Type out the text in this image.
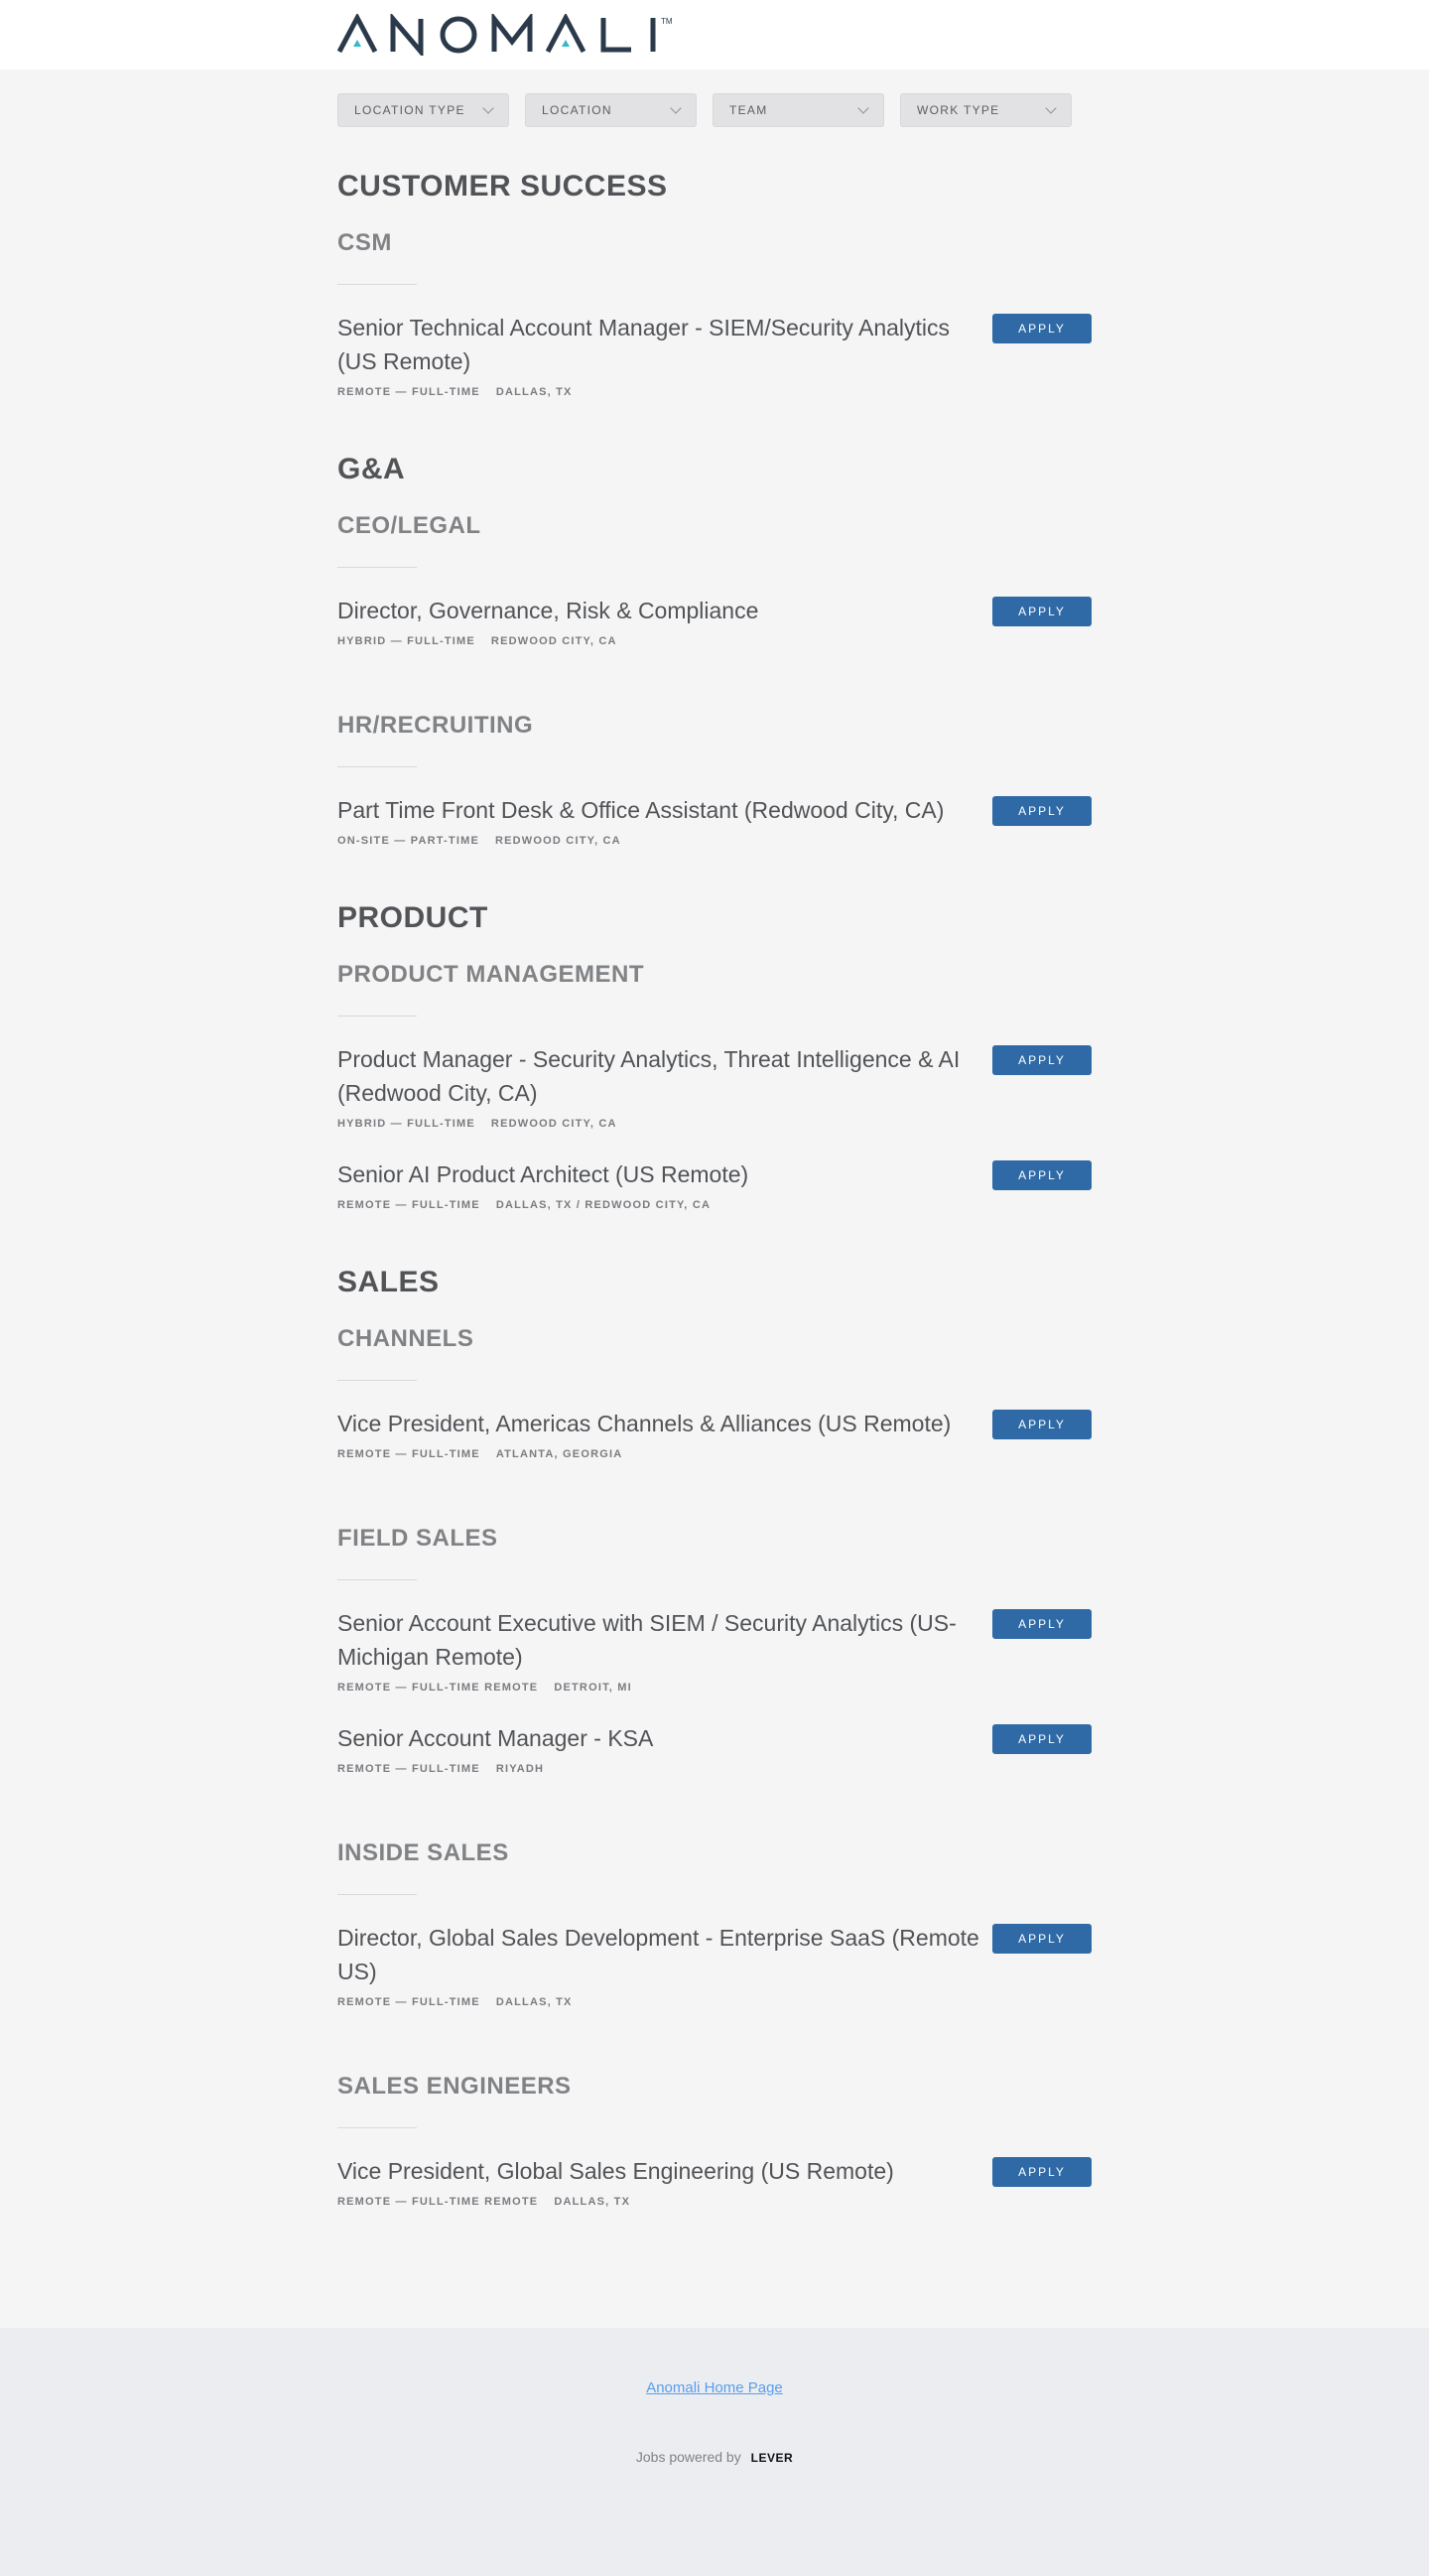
TM
LOCATION TYPE	LOCATION	TEAM	WORK TYPE
CUSTOMER SUCCESS
CSM
Senior Technical Account Manager - SIEM/Security Analytics (US Remote)
REMOTE — FULL-TIME DALLAS, TX
APPLY
G&A
CEO/LEGAL
Director, Governance, Risk & Compliance
HYBRID — FULL-TIME REDWOOD CITY, CA
APPLY
HR/RECRUITING
Part Time Front Desk & Office Assistant (Redwood City, CA)
ON-SITE — PART-TIME REDWOOD CITY, CA
APPLY
PRODUCT
PRODUCT MANAGEMENT
Product Manager - Security Analytics, Threat Intelligence & AI (Redwood City, CA)
HYBRID — FULL-TIME REDWOOD CITY, CA
APPLY
Senior AI Product Architect (US Remote)
REMOTE — FULL-TIME DALLAS, TX / REDWOOD CITY, CA
APPLY
SALES
CHANNELS
Vice President, Americas Channels & Alliances (US Remote)
REMOTE — FULL-TIME ATLANTA, GEORGIA
APPLY
FIELD SALES
Senior Account Executive with SIEM / Security Analytics (US-Michigan Remote)
REMOTE — FULL-TIME REMOTE DETROIT, MI
APPLY
Senior Account Manager - KSA
REMOTE — FULL-TIME RIYADH
APPLY
INSIDE SALES
Director, Global Sales Development - Enterprise SaaS (Remote US)
REMOTE — FULL-TIME DALLAS, TX
APPLY
SALES ENGINEERS
Vice President, Global Sales Engineering (US Remote)
REMOTE — FULL-TIME REMOTE DALLAS, TX
APPLY
Anomali Home Page
Jobs powered by LEVER
